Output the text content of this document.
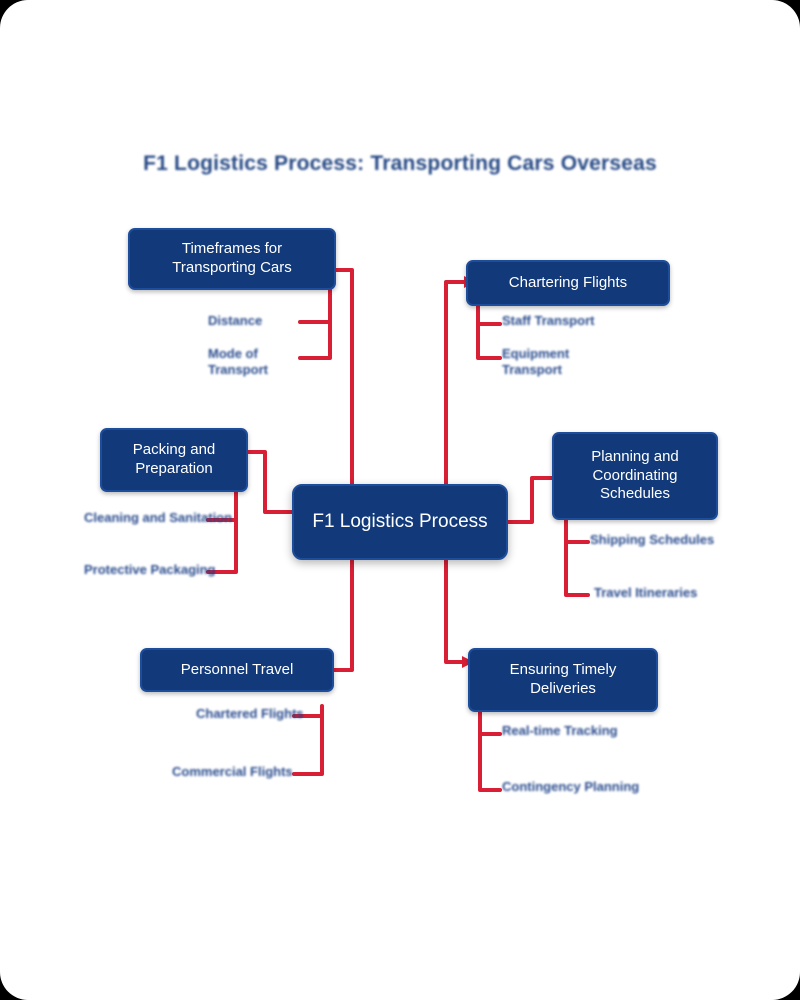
F1 Logistics Process: Transporting Cars Overseas
F1 Logistics Process
Timeframes for Transporting Cars
Distance
Mode of Transport
Chartering Flights
Staff Transport
Equipment Transport
Packing and Preparation
Cleaning and Sanitation
Protective Packaging
Planning and Coordinating Schedules
Shipping Schedules
Travel Itineraries
Personnel Travel
Chartered Flights
Commercial Flights
Ensuring Timely Deliveries
Real-time Tracking
Contingency Planning
